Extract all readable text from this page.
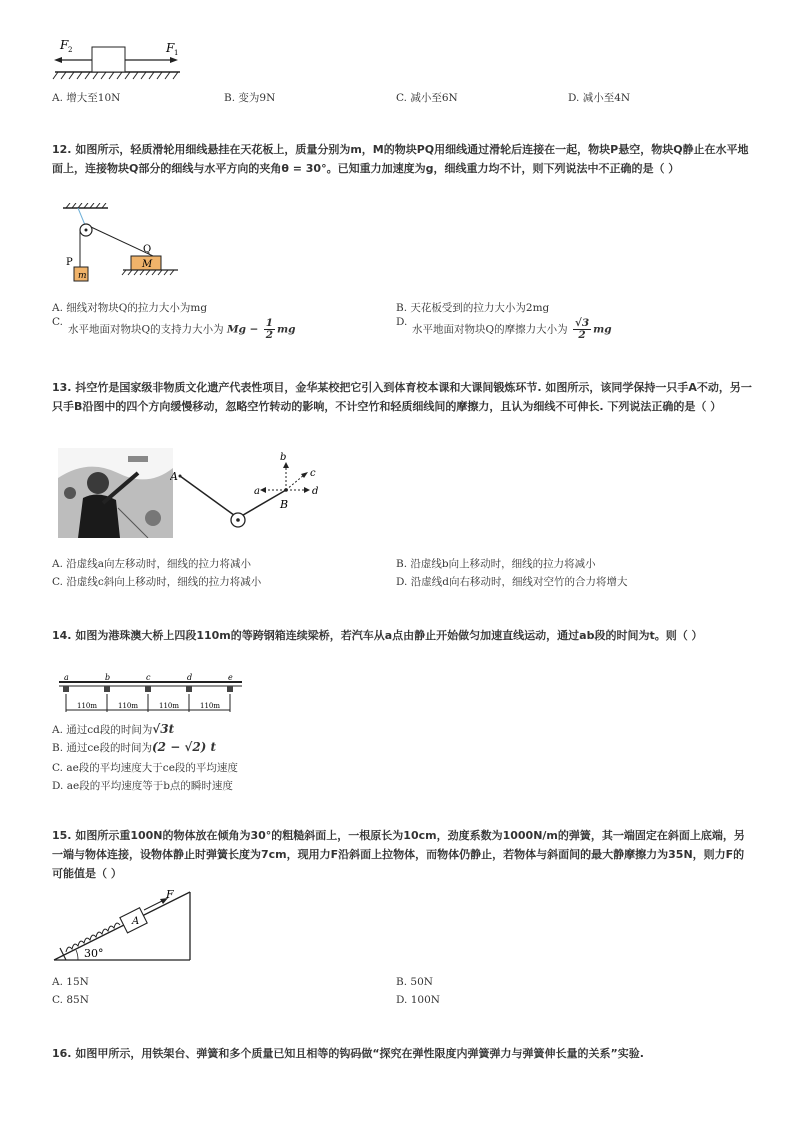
F 2	F 1
A. 增大至10N	B. 变为9N	C. 减小至6N	D. 减小至4N
12. 如图所示，轻质滑轮用细线悬挂在天花板上，质量分别为m，M的物块PQ用细线通过滑轮后连接在一起，物块P悬空，物块Q静止在水平地面上，连接物块Q部分的细线与水平方向的夹角θ = 30°。已知重力加速度为g，细线重力均不计，则下列说法中不正确的是（ ）
m
P	M
Q
A. 细线对物块Q的拉力大小为mg	B. 天花板受到的拉力大小为2mg
C.
水平地面对物块Q的支持力大小为 $Mg - \frac{1}{2}$ mg
D.
水平地面对物块Q的摩擦力大小为 $\frac{√3}{2}$ mg
13. 抖空竹是国家级非物质文化遗产代表性项目，金华某校把它引入到体育校本课和大课间锻炼环节. 如图所示，该同学保持一只手A不动，另一只手B沿图中的四个方向缓慢移动，忽略空竹转动的影响，不计空竹和轻质细线间的摩擦力，且认为细线不可伸长. 下列说法正确的是（ ）
A
B
b
a	d
c
A. 沿虚线a向左移动时，细线的拉力将减小	B. 沿虚线b向上移动时，细线的拉力将减小
C. 沿虚线c斜向上移动时，细线的拉力将减小	D. 沿虚线d向右移动时，细线对空竹的合力将增大
14. 如图为港珠澳大桥上四段110m的等跨钢箱连续梁桥，若汽车从a点由静止开始做匀加速直线运动，通过ab段的时间为t。则（ ）
a	b	c	d	e
110m	110m	110m	110m
A. 通过cd段的时间为√3t
B. 通过ce段的时间为(2 − √2) t
C. ae段的平均速度大于ce段的平均速度
D. ae段的平均速度等于b点的瞬时速度
15. 如图所示重100N的物体放在倾角为30°的粗糙斜面上，一根原长为10cm，劲度系数为1000N/m的弹簧，其一端固定在斜面上底端，另一端与物体连接，设物体静止时弹簧长度为7cm，现用力F沿斜面上拉物体，而物体仍静止，若物体与斜面间的最大静摩擦力为35N，则力F的可能值是（ ）
A
F
30°
A. 15N	B. 50N
C. 85N	D. 100N
16. 如图甲所示，用铁架台、弹簧和多个质量已知且相等的钩码做“探究在弹性限度内弹簧弹力与弹簧伸长量的关系”实验.
